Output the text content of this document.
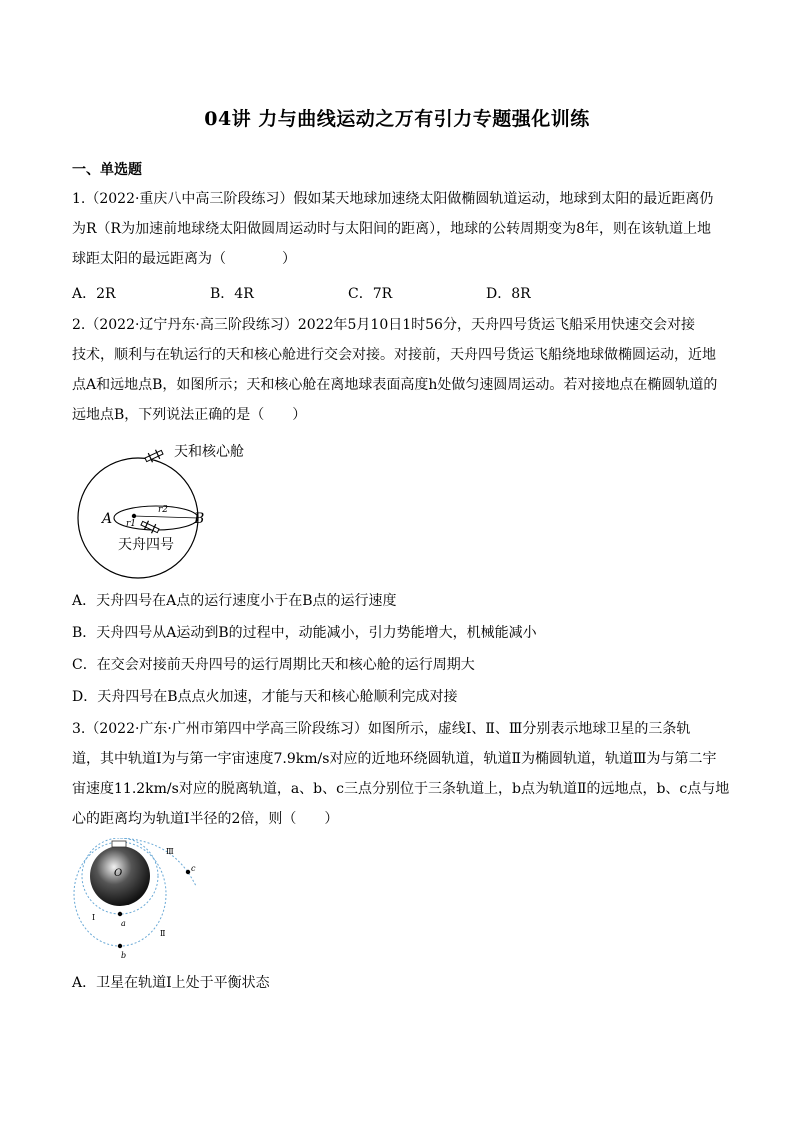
04讲 力与曲线运动之万有引力专题强化训练
一、单选题
1.（2022·重庆八中高三阶段练习）假如某天地球加速绕太阳做椭圆轨道运动，地球到太阳的最近距离仍
为R（R为加速前地球绕太阳做圆周运动时与太阳间的距离），地球的公转周期变为8年，则在该轨道上地
球距太阳的最远距离为（　　　　）
A．2R	B．4R	C．7R	D．8R
2.（2022·辽宁丹东·高三阶段练习）2022年5月10日1时56分，天舟四号货运飞船采用快速交会对接
技术，顺利与在轨运行的天和核心舱进行交会对接。对接前，天舟四号货运飞船绕地球做椭圆运动，近地
点A和远地点B，如图所示；天和核心舱在离地球表面高度h处做匀速圆周运动。若对接地点在椭圆轨道的
远地点B，下列说法正确的是（　　）
天和核心舱
天舟四号
A	B
r1
r2
A．天舟四号在A点的运行速度小于在B点的运行速度
B．天舟四号从A运动到B的过程中，动能减小，引力势能增大，机械能减小
C．在交会对接前天舟四号的运行周期比天和核心舱的运行周期大
D．天舟四号在B点点火加速，才能与天和核心舱顺利完成对接
3.（2022·广东·广州市第四中学高三阶段练习）如图所示，虚线Ⅰ、Ⅱ、Ⅲ分别表示地球卫星的三条轨
道，其中轨道Ⅰ为与第一宇宙速度7.9km/s对应的近地环绕圆轨道，轨道Ⅱ为椭圆轨道，轨道Ⅲ为与第二宇
宙速度11.2km/s对应的脱离轨道，a、b、c三点分别位于三条轨道上，b点为轨道Ⅱ的远地点，b、c点与地
心的距离均为轨道Ⅰ半径的2倍，则（　　）
O
a
b
c
Ⅰ
Ⅱ
Ⅲ
A．卫星在轨道Ⅰ上处于平衡状态
